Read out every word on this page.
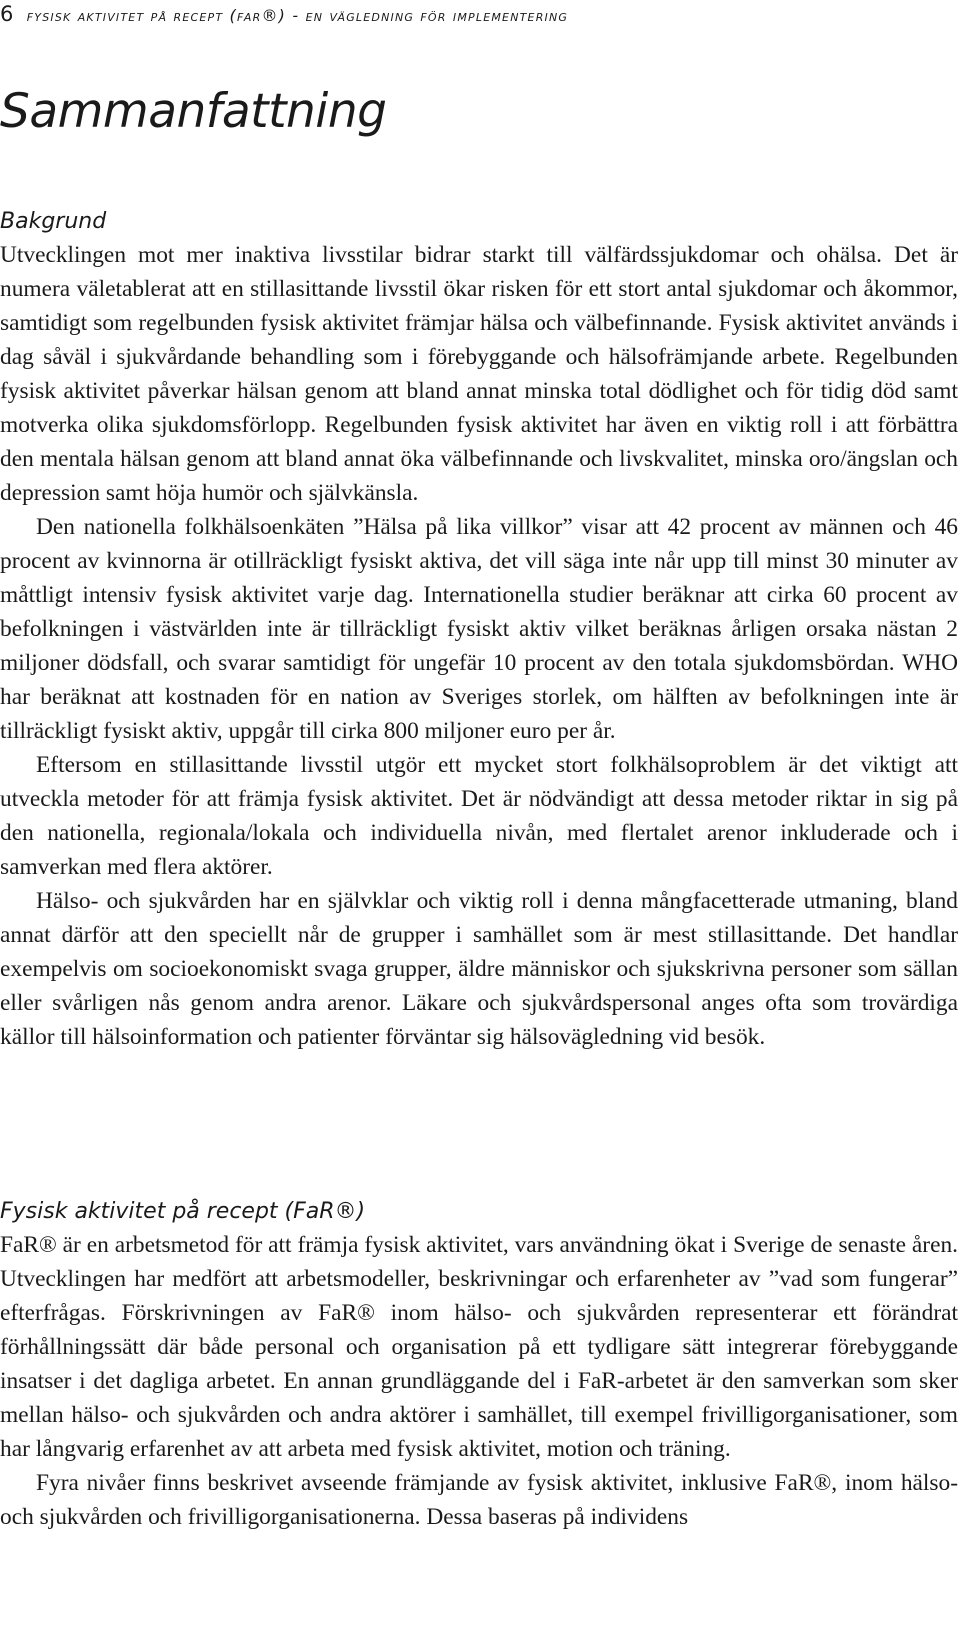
6 fysisk aktivitet på recept (far®) - en vägledning för implementering
Sammanfattning
Bakgrund

Utvecklingen mot mer inaktiva livsstilar bidrar starkt till välfärdssjukdomar och ohälsa. Det är numera väletablerat att en stillasittande livsstil ökar risken för ett stort antal sjukdomar och åkommor, samtidigt som regelbunden fysisk aktivitet främjar hälsa och välbefinnande. Fysisk aktivitet används i dag såväl i sjukvårdande behandling som i förebyggande och hälsofrämjande arbete. Regelbunden fysisk aktivitet påverkar hälsan genom att bland annat minska total dödlighet och för tidig död samt motverka olika sjukdomsförlopp. Regelbunden fysisk aktivitet har även en viktig roll i att förbättra den mentala hälsan genom att bland annat öka välbefinnande och livskvalitet, minska oro/ängslan och depression samt höja humör och självkänsla.

Den nationella folkhälsoenkäten ”Hälsa på lika villkor” visar att 42 procent av männen och 46 procent av kvinnorna är otillräckligt fysiskt aktiva, det vill säga inte når upp till minst 30 minuter av måttligt intensiv fysisk aktivitet varje dag. Internationella studier beräknar att cirka 60 procent av befolkningen i västvärlden inte är tillräckligt fysiskt aktiv vilket beräknas årligen orsaka nästan 2 miljoner dödsfall, och svarar samtidigt för ungefär 10 procent av den totala sjukdomsbördan. WHO har beräknat att kostnaden för en nation av Sveriges storlek, om hälften av befolkningen inte är tillräckligt fysiskt aktiv, uppgår till cirka 800 miljoner euro per år.

Eftersom en stillasittande livsstil utgör ett mycket stort folkhälsoproblem är det viktigt att utveckla metoder för att främja fysisk aktivitet. Det är nödvändigt att dessa metoder riktar in sig på den nationella, regionala/lokala och individuella nivån, med flertalet arenor inkluderade och i samverkan med flera aktörer.

Hälso- och sjukvården har en självklar och viktig roll i denna mångfacetterade utmaning, bland annat därför att den speciellt når de grupper i samhället som är mest stillasittande. Det handlar exempelvis om socioekonomiskt svaga grupper, äldre människor och sjukskrivna personer som sällan eller svårligen nås genom andra arenor. Läkare och sjukvårdspersonal anges ofta som trovärdiga källor till hälsoinformation och patienter förväntar sig hälsovägledning vid besök.

Fysisk aktivitet på recept (FaR®)

FaR® är en arbetsmetod för att främja fysisk aktivitet, vars användning ökat i Sverige de senaste åren. Utvecklingen har medfört att arbetsmodeller, beskrivningar och erfarenheter av ”vad som fungerar” efterfrågas. Förskrivningen av FaR® inom hälso- och sjukvården representerar ett förändrat förhållningssätt där både personal och organisation på ett tydligare sätt integrerar förebyggande insatser i det dagliga arbetet. En annan grundläggande del i FaR-arbetet är den samverkan som sker mellan hälso- och sjukvården och andra aktörer i samhället, till exempel frivilligorganisationer, som har långvarig erfarenhet av att arbeta med fysisk aktivitet, motion och träning.

Fyra nivåer finns beskrivet avseende främjande av fysisk aktivitet, inklusive FaR®, inom hälso- och sjukvården och frivilligorganisationerna. Dessa baseras på individens
